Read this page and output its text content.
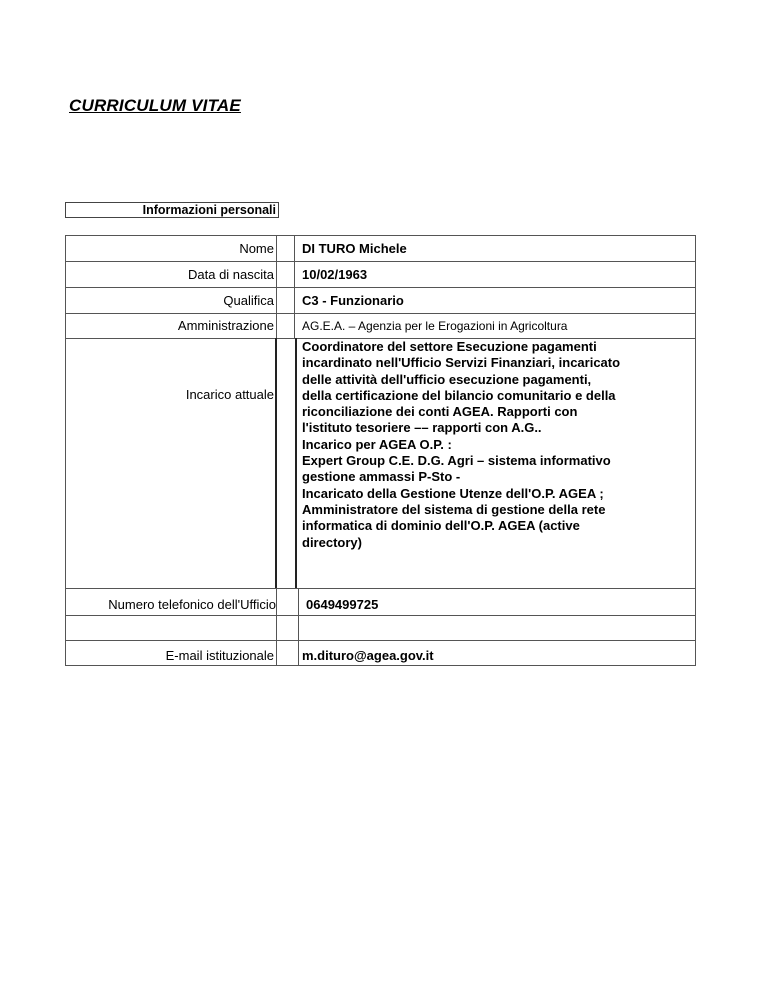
CURRICULUM VITAE
Informazioni personali
Nome
Data di nascita
Qualifica
Amministrazione
Incarico attuale
Numero telefonico dell'Ufficio
E-mail istituzionale
DI TURO Michele
10/02/1963
C3 - Funzionario
AG.E.A. – Agenzia per le Erogazioni in Agricoltura
Coordinatore del settore Esecuzione pagamenti
incardinato nell'Ufficio Servizi Finanziari, incaricato
delle attività dell'ufficio esecuzione pagamenti,
della certificazione del bilancio comunitario e della
riconciliazione dei conti AGEA. Rapporti con
l'istituto tesoriere –– rapporti con A.G..
Incarico per AGEA O.P. :
Expert Group C.E. D.G. Agri – sistema informativo
gestione ammassi P-Sto -
Incaricato della Gestione Utenze dell'O.P. AGEA ;
Amministratore del sistema di gestione della rete
informatica di dominio dell'O.P. AGEA (active
directory)
0649499725
m.dituro@agea.gov.it
